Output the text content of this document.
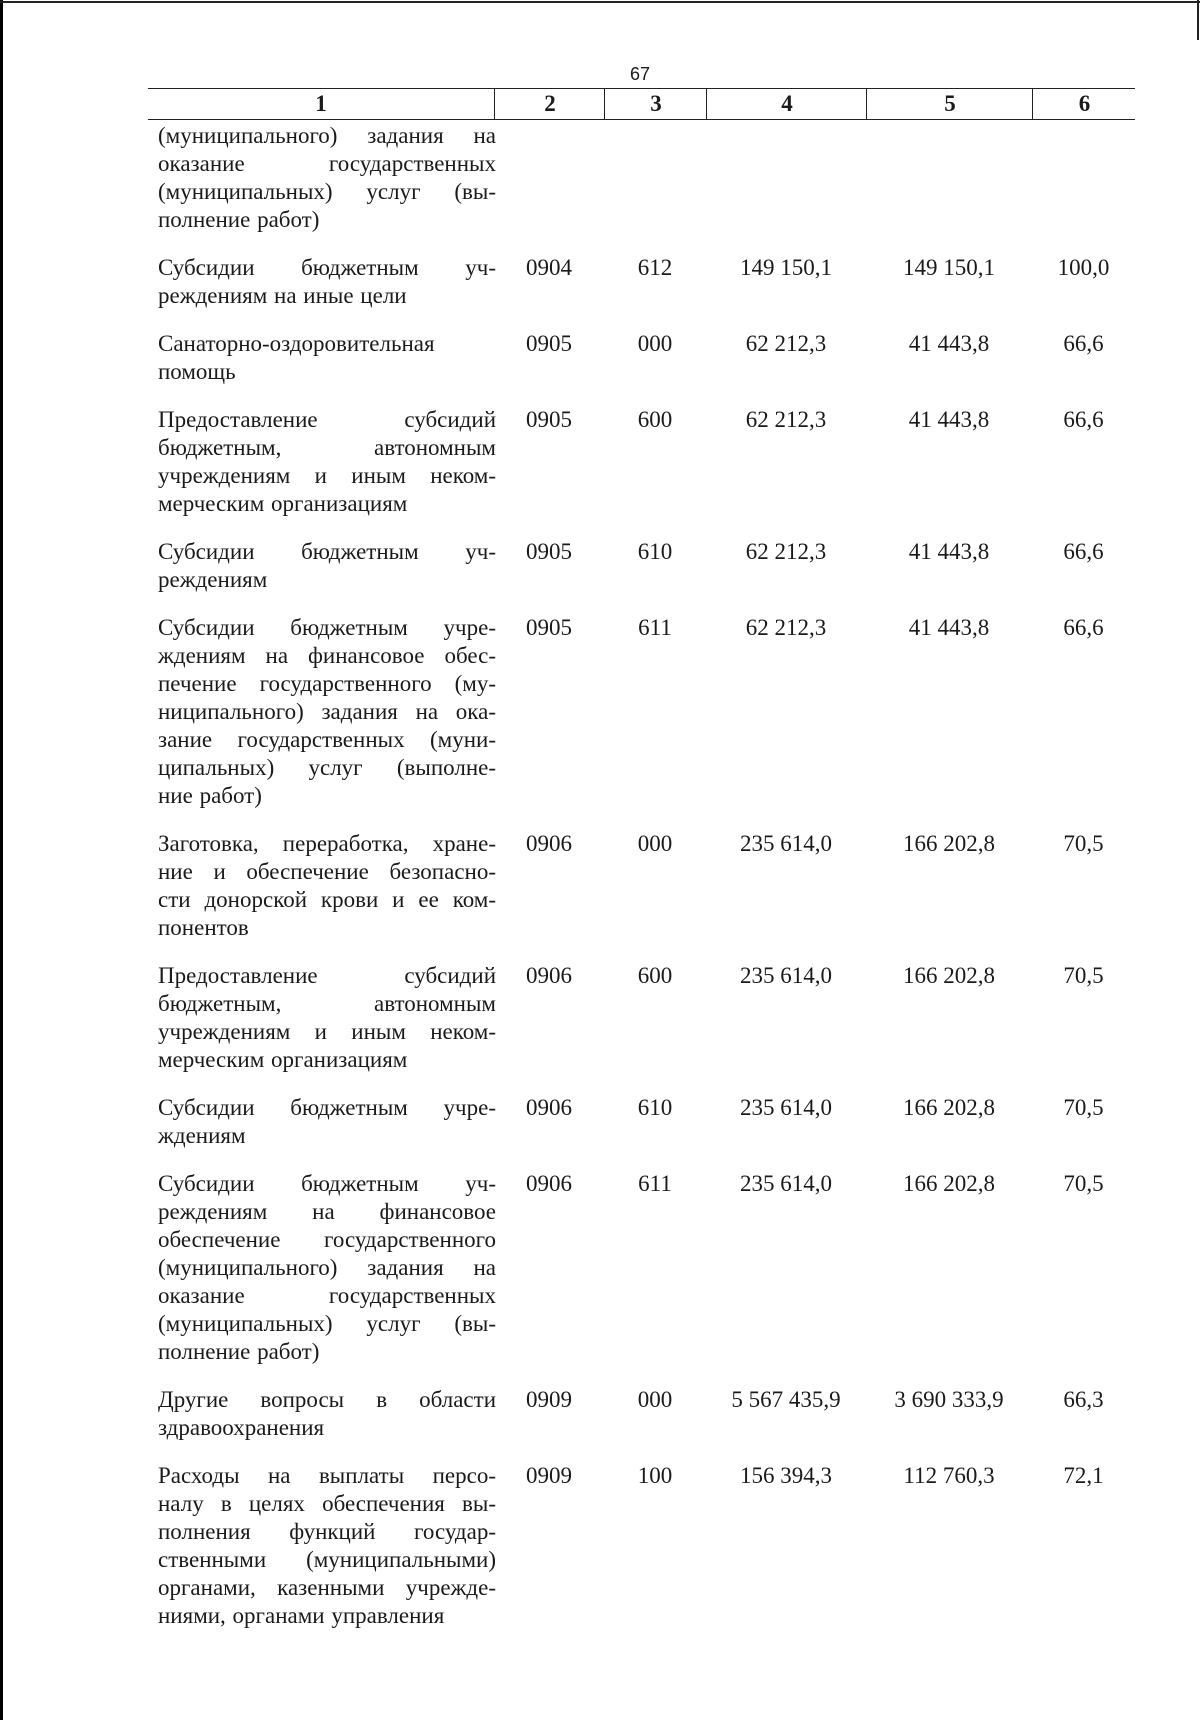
67
1	2	3	4	5	6
(муниципального) задания на
оказание государственных
(муниципальных) услуг (вы-
полнение работ)
Субсидии бюджетным уч-
реждениям на иные цели
0904	612	149 150,1	149 150,1	100,0
Санаторно-оздоровительная
помощь
0905	000	62 212,3	41 443,8	66,6
Предоставление субсидий
бюджетным, автономным
учреждениям и иным неком-
мерческим организациям
0905	600	62 212,3	41 443,8	66,6
Субсидии бюджетным уч-
реждениям
0905	610	62 212,3	41 443,8	66,6
Субсидии бюджетным учре-
ждениям на финансовое обес-
печение государственного (му-
ниципального) задания на ока-
зание государственных (муни-
ципальных) услуг (выполне-
ние работ)
0905	611	62 212,3	41 443,8	66,6
Заготовка, переработка, хране-
ние и обеспечение безопасно-
сти донорской крови и ее ком-
понентов
0906	000	235 614,0	166 202,8	70,5
Предоставление субсидий
бюджетным, автономным
учреждениям и иным неком-
мерческим организациям
0906	600	235 614,0	166 202,8	70,5
Субсидии бюджетным учре-
ждениям
0906	610	235 614,0	166 202,8	70,5
Субсидии бюджетным уч-
реждениям на финансовое
обеспечение государственного
(муниципального) задания на
оказание государственных
(муниципальных) услуг (вы-
полнение работ)
0906	611	235 614,0	166 202,8	70,5
Другие вопросы в области
здравоохранения
0909	000	5 567 435,9	3 690 333,9	66,3
Расходы на выплаты персо-
налу в целях обеспечения вы-
полнения функций государ-
ственными (муниципальными)
органами, казенными учрежде-
ниями, органами управления
0909	100	156 394,3	112 760,3	72,1
